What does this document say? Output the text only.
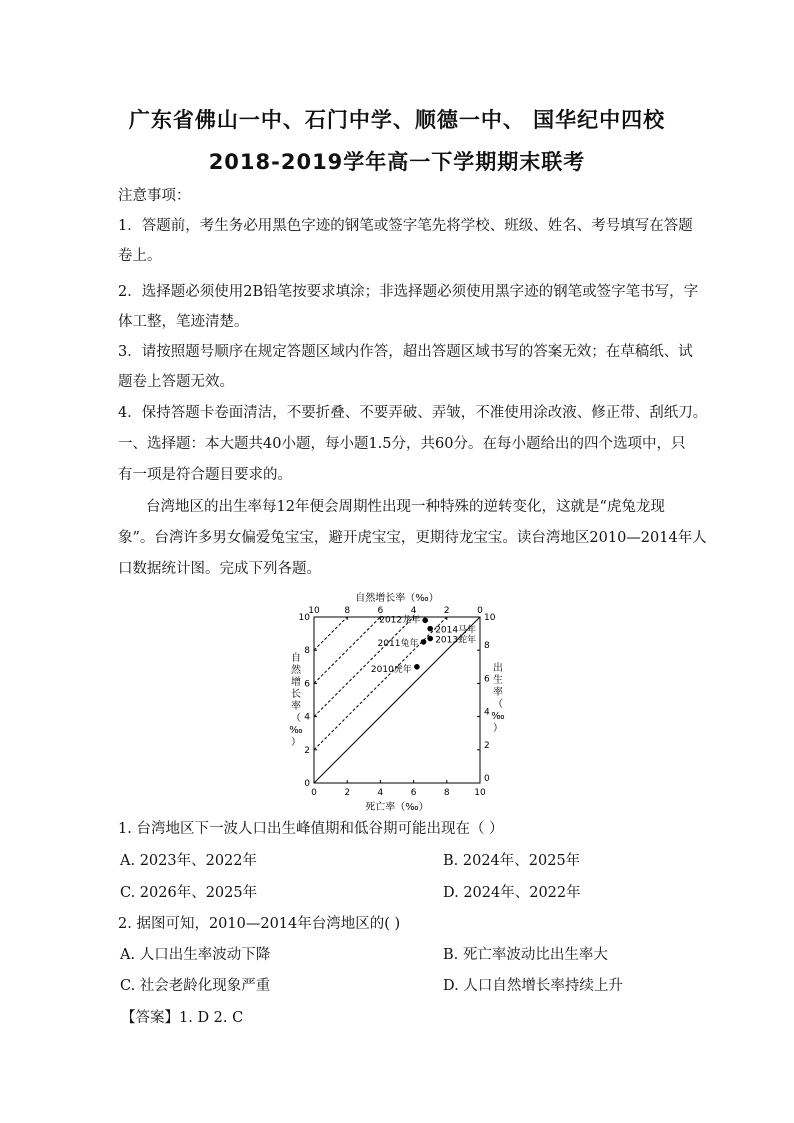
广东省佛山一中、石门中学、顺德一中、 国华纪中四校
2018-2019学年高一下学期期末联考
注意事项：
1．答题前，考生务必用黑色字迹的钢笔或签字笔先将学校、班级、姓名、考号填写在答题
卷上。
2．选择题必须使用2B铅笔按要求填涂；非选择题必须使用黑字迹的钢笔或签字笔书写，字
体工整，笔迹清楚。
3．请按照题号顺序在规定答题区域内作答，超出答题区域书写的答案无效；在草稿纸、试
题卷上答题无效。
4．保持答题卡卷面清洁，不要折叠、不要弄破、弄皱，不准使用涂改液、修正带、刮纸刀。
一、选择题：本大题共40小题，每小题1.5分，共60分。在每小题给出的四个选项中，只
有一项是符合题目要求的。
台湾地区的出生率每12年便会周期性出现一种特殊的逆转变化，这就是“虎兔龙现
象”。台湾许多男女偏爱兔宝宝，避开虎宝宝，更期待龙宝宝。读台湾地区2010—2014年人
口数据统计图。完成下列各题。
0
10
0	0
2
8
2	2
4
6
4	4
6
4
6	6
8
2
8	8
10
0
10	10
2010虎年
2011兔年
2012龙年
2013蛇年
2014马年
自然增长率（‰）
死亡率（‰）
自
然
增
长
率
（
‰
）
出
生
率
（
‰
）
1. 台湾地区下一波人口出生峰值期和低谷期可能出现在（ ）
A. 2023年、2022年	B. 2024年、2025年
C. 2026年、2025年	D. 2024年、2022年
2. 据图可知，2010—2014年台湾地区的( )
A. 人口出生率波动下降	B. 死亡率波动比出生率大
C. 社会老龄化现象严重	D. 人口自然增长率持续上升
【答案】1. D 2. C
